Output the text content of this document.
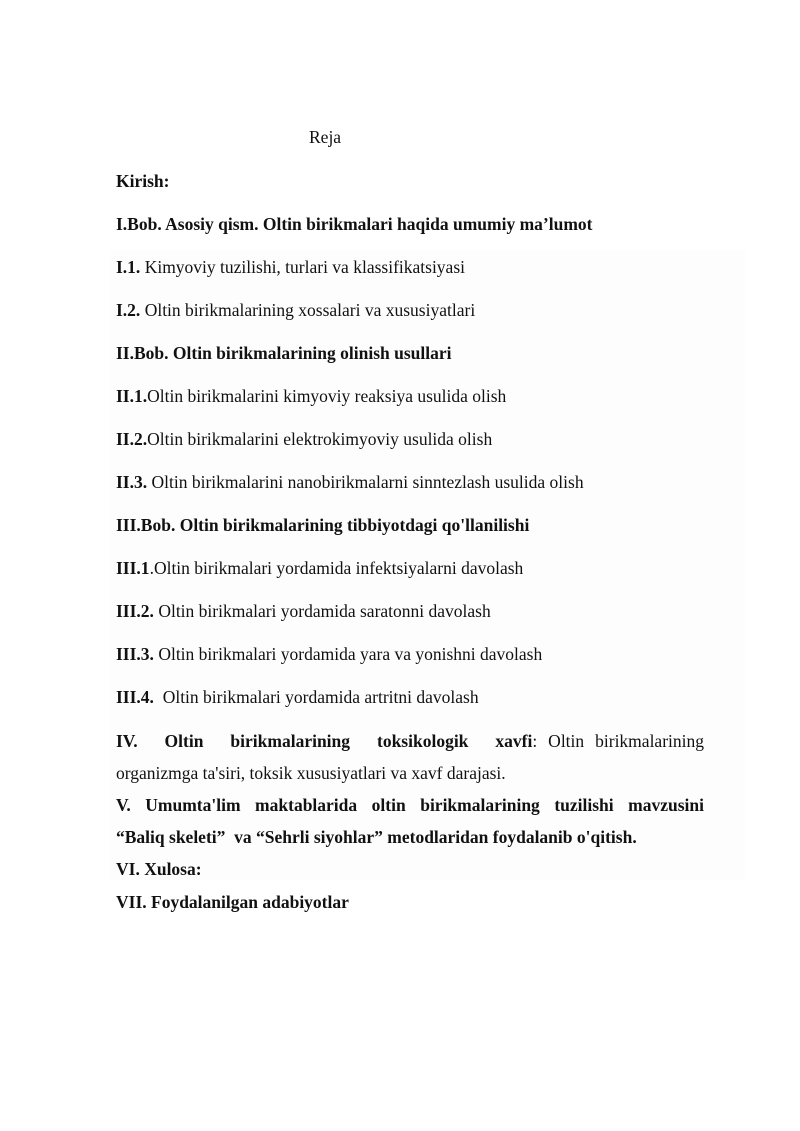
Reja
Kirish:
I.Bob. Asosiy qism. Oltin birikmalari haqida umumiy ma’lumot
I.1. Kimyoviy tuzilishi, turlari va klassifikatsiyasi
I.2. Oltin birikmalarining xossalari va xususiyatlari
II.Bob. Oltin birikmalarining olinish usullari
II.1.Oltin birikmalarini kimyoviy reaksiya usulida olish
II.2.Oltin birikmalarini elektrokimyoviy usulida olish
II.3. Oltin birikmalarini nanobirikmalarni sinntezlash usulida olish
III.Bob. Oltin birikmalarining tibbiyotdagi qo'llanilishi
III.1.Oltin birikmalari yordamida infektsiyalarni davolash
III.2. Oltin birikmalari yordamida saratonni davolash
III.3. Oltin birikmalari yordamida yara va yonishni davolash
III.4.  Oltin birikmalari yordamida artritni davolash
IV. Oltin birikmalarining toksikologik xavfi: Oltin birikmalarining
organizmga ta'siri, toksik xususiyatlari va xavf darajasi.
V. Umumta'lim maktablarida oltin birikmalarining tuzilishi mavzusini
“Baliq skeleti”  va “Sehrli siyohlar” metodlaridan foydalanib o'qitish.
VI. Xulosa:
VII. Foydalanilgan adabiyotlar
